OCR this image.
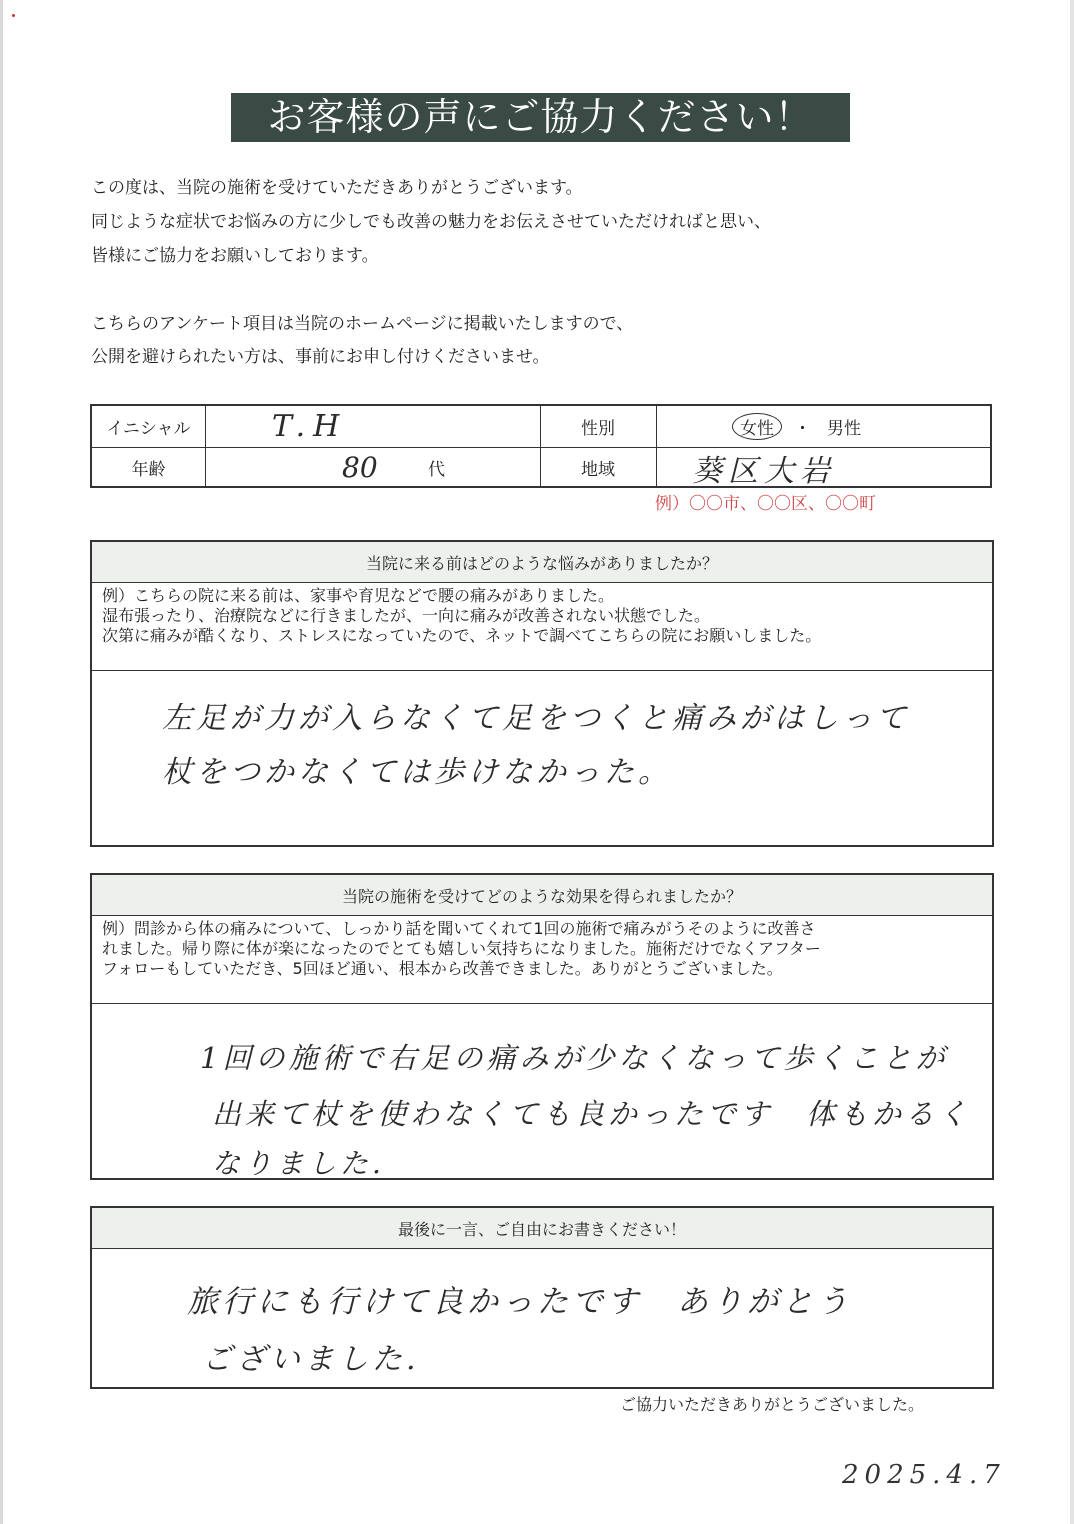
お客様の声にご協力ください！
この度は、当院の施術を受けていただきありがとうございます。
同じような症状でお悩みの方に少しでも改善の魅力をお伝えさせていただければと思い、
皆様にご協力をお願いしております。
こちらのアンケート項目は当院のホームページに掲載いたしますので、
公開を避けられたい方は、事前にお申し付けくださいませ。
イニシャル	T.H	性別	女性	・ 男性
年齢	80	代	地域	葵区大岩
例）〇〇市、〇〇区、〇〇町
当院に来る前はどのような悩みがありましたか？
例）こちらの院に来る前は、家事や育児などで腰の痛みがありました。
湿布張ったり、治療院などに行きましたが、一向に痛みが改善されない状態でした。
次第に痛みが酷くなり、ストレスになっていたので、ネットで調べてこちらの院にお願いしました。
左足が力が入らなくて足をつくと痛みがはしって
杖をつかなくては歩けなかった。
当院の施術を受けてどのような効果を得られましたか？
例）問診から体の痛みについて、しっかり話を聞いてくれて1回の施術で痛みがうそのように改善さ
れました。帰り際に体が楽になったのでとても嬉しい気持ちになりました。施術だけでなくアフター
フォローもしていただき、5回ほど通い、根本から改善できました。ありがとうございました。
1回の施術で右足の痛みが少なくなって歩くことが
出来て杖を使わなくても良かったです　体もかるく
なりました.
最後に一言、ご自由にお書きください！
旅行にも行けて良かったです　ありがとう
ございました.
ご協力いただきありがとうございました。
2025.4.7
